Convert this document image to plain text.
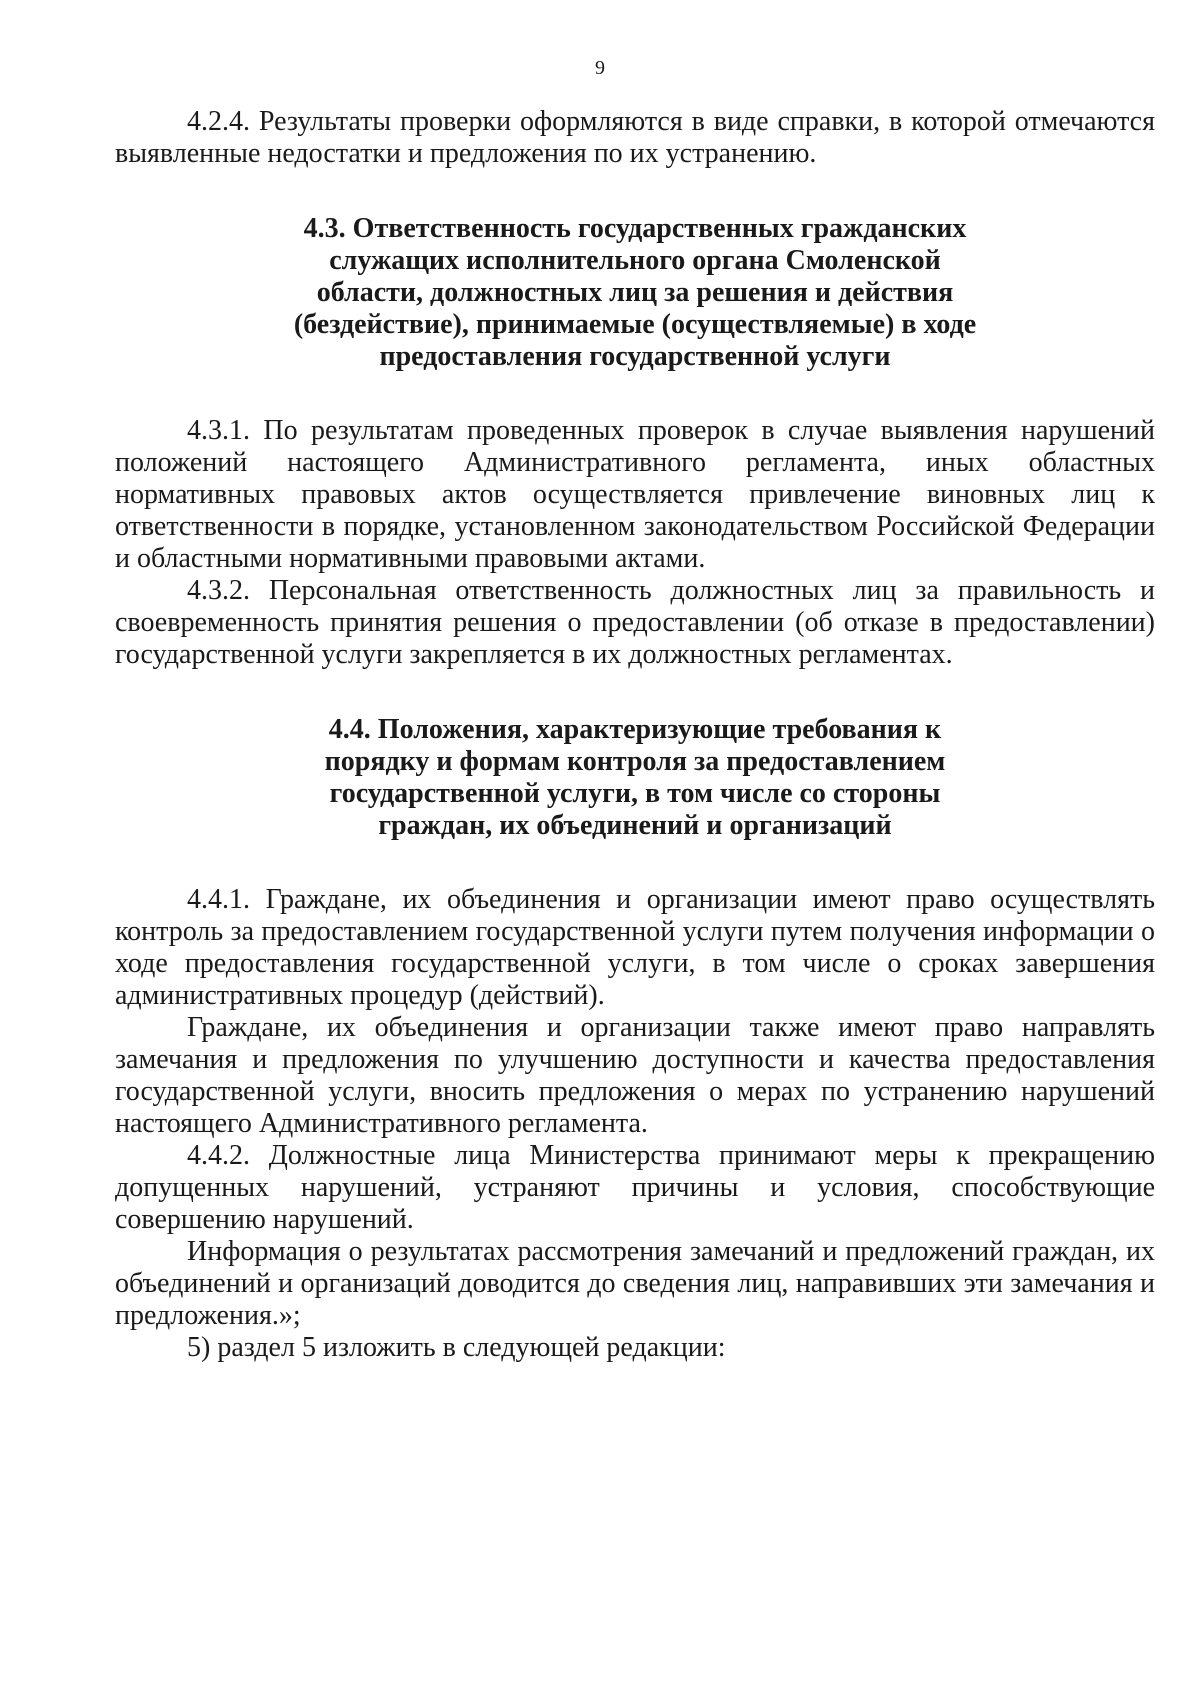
9

4.2.4. Результаты проверки оформляются в виде справки, в которой отмечаются выявленные недостатки и предложения по их устранению.

4.3. Ответственность государственных гражданских служащих исполнительного органа Смоленской области, должностных лиц за решения и действия (бездействие), принимаемые (осуществляемые) в ходе предоставления государственной услуги

4.3.1. По результатам проведенных проверок в случае выявления нарушений положений настоящего Административного регламента, иных областных нормативных правовых актов осуществляется привлечение виновных лиц к ответственности в порядке, установленном законодательством Российской Федерации и областными нормативными правовыми актами.

4.3.2. Персональная ответственность должностных лиц за правильность и своевременность принятия решения о предоставлении (об отказе в предоставлении) государственной услуги закрепляется в их должностных регламентах.

4.4. Положения, характеризующие требования к порядку и формам контроля за предоставлением государственной услуги, в том числе со стороны граждан, их объединений и организаций

4.4.1. Граждане, их объединения и организации имеют право осуществлять контроль за предоставлением государственной услуги путем получения информации о ходе предоставления государственной услуги, в том числе о сроках завершения административных процедур (действий).

Граждане, их объединения и организации также имеют право направлять замечания и предложения по улучшению доступности и качества предоставления государственной услуги, вносить предложения о мерах по устранению нарушений настоящего Административного регламента.

4.4.2. Должностные лица Министерства принимают меры к прекращению допущенных нарушений, устраняют причины и условия, способствующие совершению нарушений.

Информация о результатах рассмотрения замечаний и предложений граждан, их объединений и организаций доводится до сведения лиц, направивших эти замечания и предложения.»;

5) раздел 5 изложить в следующей редакции:
